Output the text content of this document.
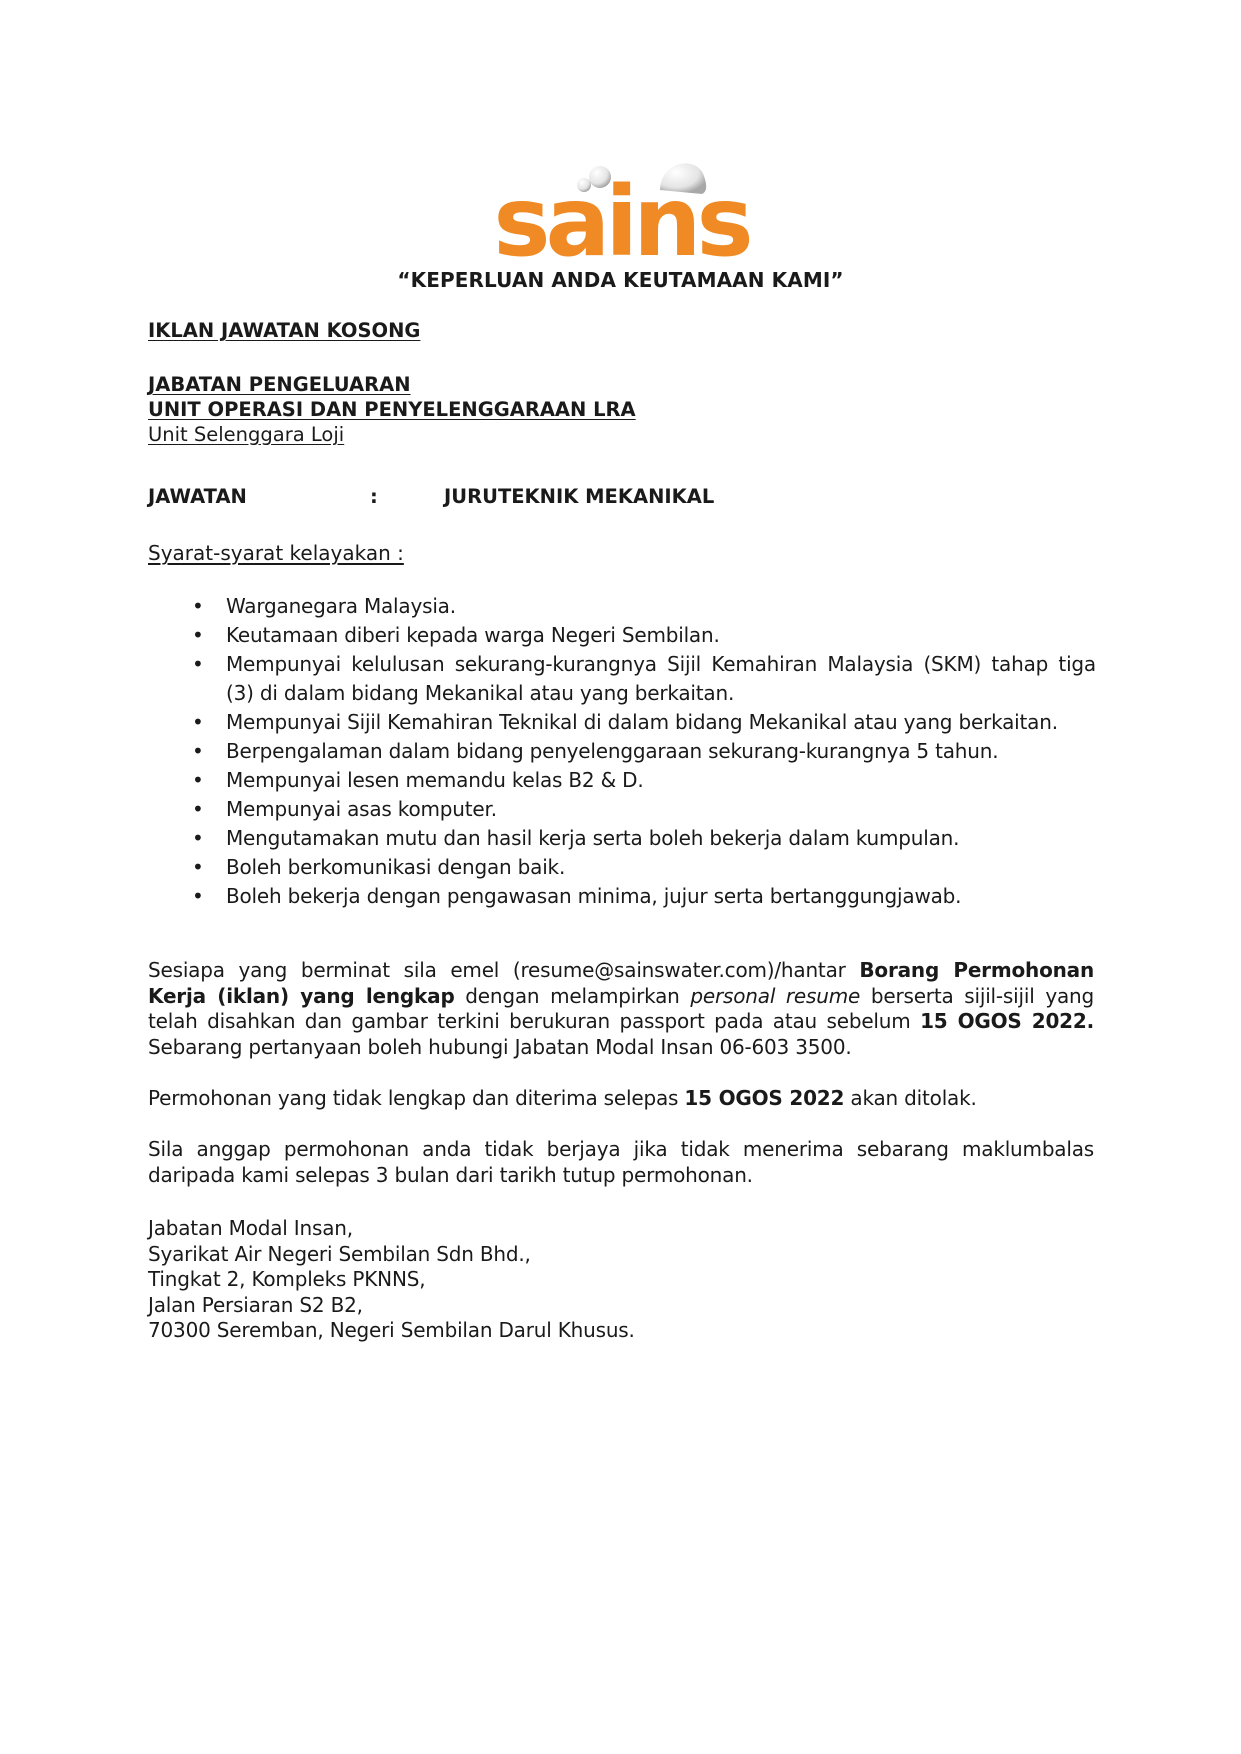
sains
“KEPERLUAN ANDA KEUTAMAAN KAMI”
IKLAN JAWATAN KOSONG
JABATAN PENGELUARAN
UNIT OPERASI DAN PENYELENGGARAAN LRA
Unit Selenggara Loji
JAWATAN	:	JURUTEKNIK MEKANIKAL
Syarat-syarat kelayakan :
• Warganegara Malaysia.
• Keutamaan diberi kepada warga Negeri Sembilan.
• Mempunyai kelulusan sekurang-kurangnya Sijil Kemahiran Malaysia (SKM) tahap tiga (3) di dalam bidang Mekanikal atau yang berkaitan.
• Mempunyai Sijil Kemahiran Teknikal di dalam bidang Mekanikal atau yang berkaitan.
• Berpengalaman dalam bidang penyelenggaraan sekurang-kurangnya 5 tahun.
• Mempunyai lesen memandu kelas B2 & D.
• Mempunyai asas komputer.
• Mengutamakan mutu dan hasil kerja serta boleh bekerja dalam kumpulan.
• Boleh berkomunikasi dengan baik.
• Boleh bekerja dengan pengawasan minima, jujur serta bertanggungjawab.
Sesiapa yang berminat sila emel (resume@sainswater.com)/hantar Borang Permohonan Kerja (iklan) yang lengkap dengan melampirkan personal resume berserta sijil-sijil yang telah disahkan dan gambar terkini berukuran passport pada atau sebelum 15 OGOS 2022. Sebarang pertanyaan boleh hubungi Jabatan Modal Insan 06-603 3500.
Permohonan yang tidak lengkap dan diterima selepas 15 OGOS 2022 akan ditolak.
Sila anggap permohonan anda tidak berjaya jika tidak menerima sebarang maklumbalas daripada kami selepas 3 bulan dari tarikh tutup permohonan.
Jabatan Modal Insan,
Syarikat Air Negeri Sembilan Sdn Bhd.,
Tingkat 2, Kompleks PKNNS,
Jalan Persiaran S2 B2,
70300 Seremban, Negeri Sembilan Darul Khusus.
